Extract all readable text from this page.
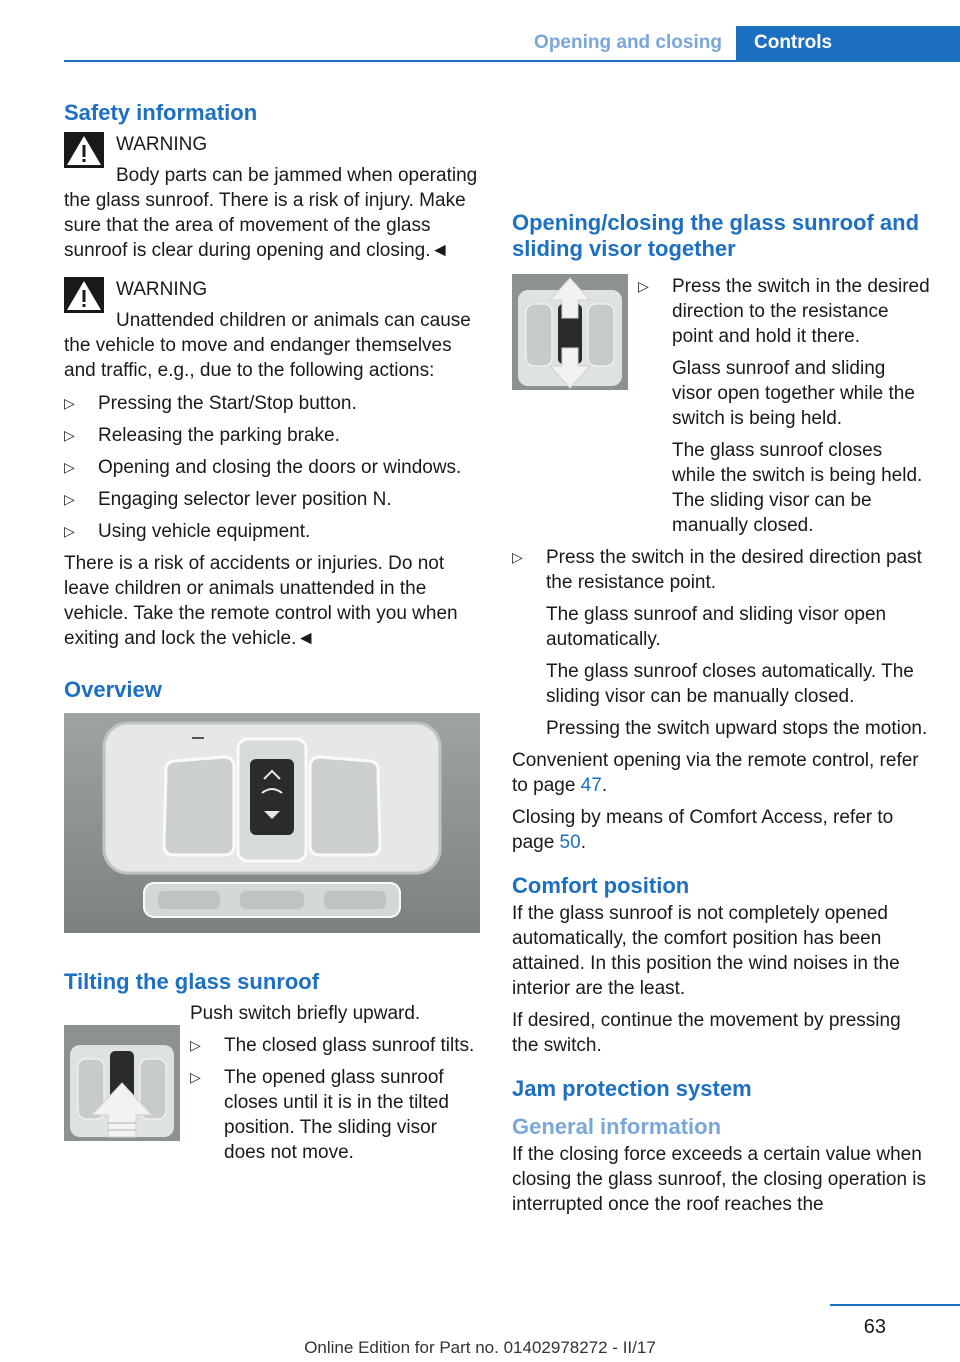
Opening and closing	Controls
Safety information
WARNING
Body parts can be jammed when operating the glass sunroof. There is a risk of injury. Make sure that the area of movement of the glass sunroof is clear during opening and closing.◄
WARNING
Unattended children or animals can cause the vehicle to move and endanger themselves and traffic, e.g., due to the following actions:
▷ Pressing the Start/Stop button.
▷ Releasing the parking brake.
▷ Opening and closing the doors or windows.
▷ Engaging selector lever position N.
▷ Using vehicle equipment.

There is a risk of accidents or injuries. Do not leave children or animals unattended in the vehicle. Take the remote control with you when exiting and lock the vehicle.◄

Overview
Tilting the glass sunroof

Push switch briefly upward.

▷ The closed glass sunroof tilts.
▷ The opened glass sunroof closes until it is in the tilted position. The sliding visor does not move.
Opening/closing the glass sunroof and sliding visor together

▷ Press the switch in the desired direction to the resistance point and hold it there.

Glass sunroof and sliding visor open together while the switch is being held.

The glass sunroof closes while the switch is being held. The sliding visor can be manually closed.

▷ Press the switch in the desired direction past the resistance point.

The glass sunroof and sliding visor open automatically.

The glass sunroof closes automatically. The sliding visor can be manually closed.

Pressing the switch upward stops the motion.

Convenient opening via the remote control, refer to page 47.

Closing by means of Comfort Access, refer to page 50.

Comfort position

If the glass sunroof is not completely opened automatically, the comfort position has been attained. In this position the wind noises in the interior are the least.

If desired, continue the movement by pressing the switch.

Jam protection system
General information

If the closing force exceeds a certain value when closing the glass sunroof, the closing operation is interrupted once the roof reaches the

63
Online Edition for Part no. 01402978272 - II/17
